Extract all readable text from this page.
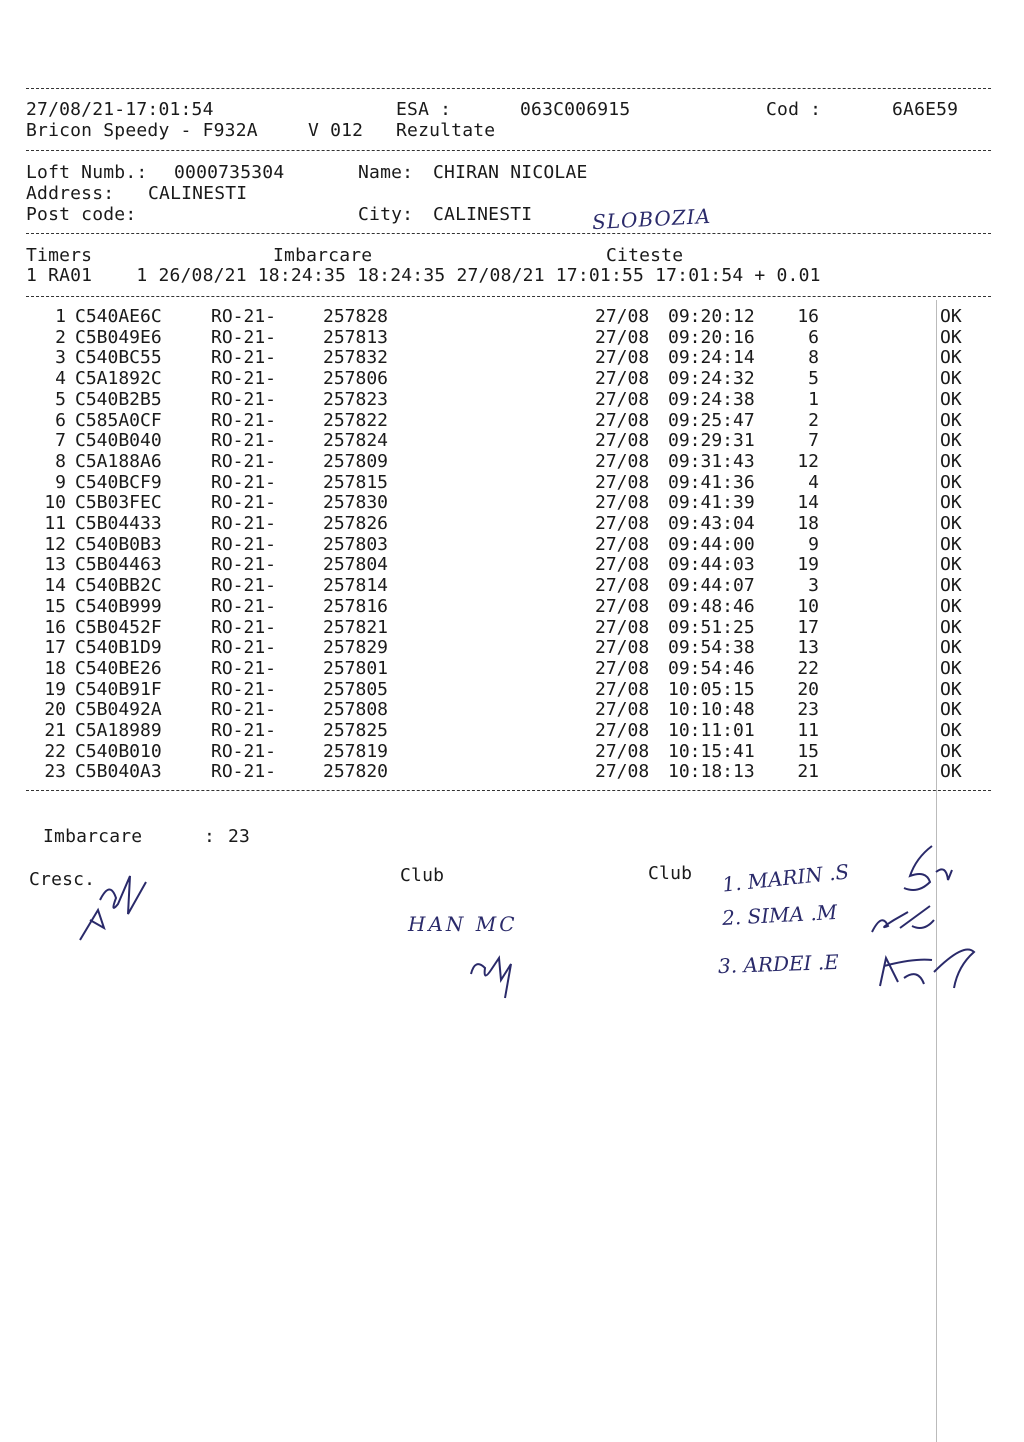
27/08/21-17:01:54	ESA :	063C006915	Cod :	6A6E59
Bricon Speedy - F932A	V 012 Rezultate
Loft Numb.: 0000735304	Name: CHIRAN NICOLAE
Address: CALINESTI
Post code:	City: CALINESTI	SLOBOZIA
Timers	Imbarcare	Citeste
1 RA01    1 26/08/21 18:24:35 18:24:35 27/08/21 17:01:55 17:01:54 + 0.01
1 C540AE6C	RO-21-	257828	27/08 09:20:12	16	OK
2 C5B049E6	RO-21-	257813	27/08 09:20:16	6	OK
3 C540BC55	RO-21-	257832	27/08 09:24:14	8	OK
4 C5A1892C	RO-21-	257806	27/08 09:24:32	5	OK
5 C540B2B5	RO-21-	257823	27/08 09:24:38	1	OK
6 C585A0CF	RO-21-	257822	27/08 09:25:47	2	OK
7 C540B040	RO-21-	257824	27/08 09:29:31	7	OK
8 C5A188A6	RO-21-	257809	27/08 09:31:43	12	OK
9 C540BCF9	RO-21-	257815	27/08 09:41:36	4	OK
10 C5B03FEC	RO-21-	257830	27/08 09:41:39	14	OK
11 C5B04433	RO-21-	257826	27/08 09:43:04	18	OK
12 C540B0B3	RO-21-	257803	27/08 09:44:00	9	OK
13 C5B04463	RO-21-	257804	27/08 09:44:03	19	OK
14 C540BB2C	RO-21-	257814	27/08 09:44:07	3	OK
15 C540B999	RO-21-	257816	27/08 09:48:46	10	OK
16 C5B0452F	RO-21-	257821	27/08 09:51:25	17	OK
17 C540B1D9	RO-21-	257829	27/08 09:54:38	13	OK
18 C540BE26	RO-21-	257801	27/08 09:54:46	22	OK
19 C540B91F	RO-21-	257805	27/08 10:05:15	20	OK
20 C5B0492A	RO-21-	257808	27/08 10:10:48	23	OK
21 C5A18989	RO-21-	257825	27/08 10:11:01	11	OK
22 C540B010	RO-21-	257819	27/08 10:15:41	15	OK
23 C5B040A3	RO-21-	257820	27/08 10:18:13	21	OK
Imbarcare	: 23
Cresc.	Club	Club
HAN MC
1. MARIN .S
2. SIMA .M
3. ARDEI .E
